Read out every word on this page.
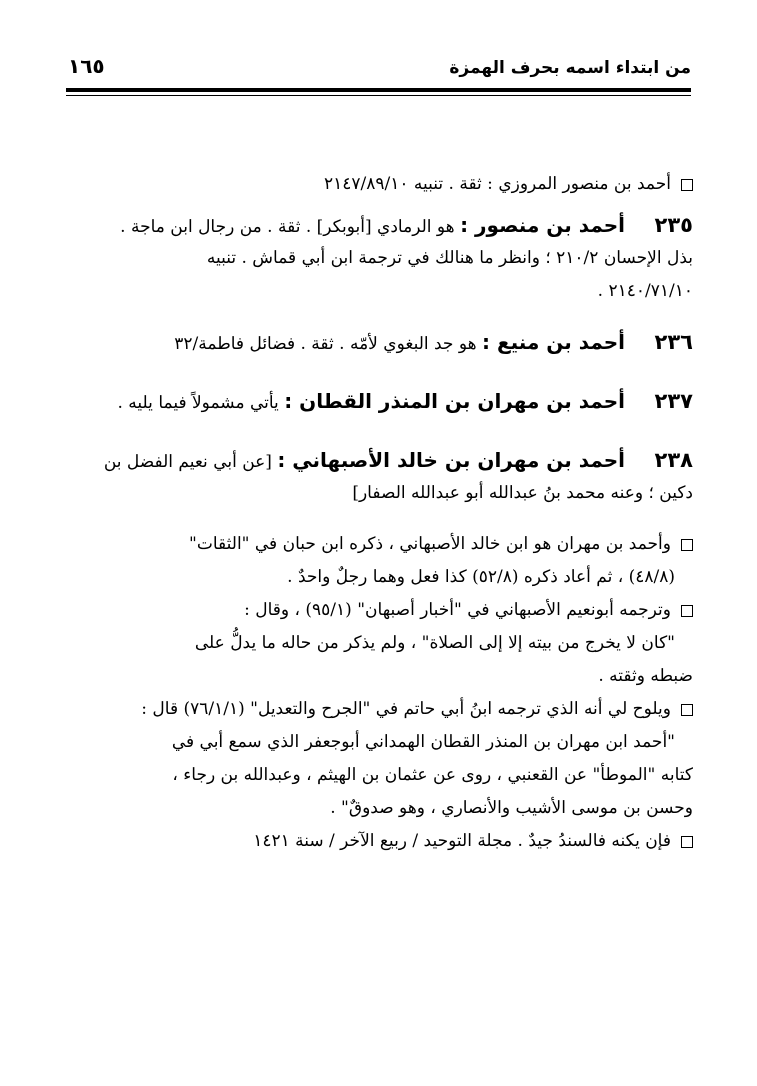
من ابتداء اسمه بحرف الهمزة
١٦٥
أحمد بن منصور المروزي : ثقة . تنبيه ٢١٤٧/٨٩/١٠
٢٣٥أحمد بن منصور : هو الرمادي [أبوبكر] . ثقة . من رجال ابن ماجة .
بذل الإحسان ٢١٠/٢ ؛ وانظر ما هنالك في ترجمة ابن أبي قماش . تنبيه
٢١٤٠/٧١/١٠ .
٢٣٦أحمد بن منيع : هو جد البغوي لأمّه . ثقة . فضائل فاطمة/٣٢
٢٣٧أحمد بن مهران بن المنذر القطان : يأتي مشمولاً فيما يليه .
٢٣٨أحمد بن مهران بن خالد الأصبهاني : [عن أبي نعيم الفضل بن
دكين ؛ وعنه محمد بنُ عبدالله أبو عبدالله الصفار]
وأحمد بن مهران هو ابن خالد الأصبهاني ، ذكره ابن حبان في "الثقات"
(٤٨/٨) ، ثم أعاد ذكره (٥٢/٨) كذا فعل وهما رجلٌ واحدٌ .
وترجمه أبونعيم الأصبهاني في "أخبار أصبهان" (٩٥/١) ، وقال :
"كان لا يخرج من بيته إلا إلى الصلاة" ، ولم يذكر من حاله ما يدلُّ على
ضبطه وثقته .
ويلوح لي أنه الذي ترجمه ابنُ أبي حاتم في "الجرح والتعديل" (٧٦/١/١) قال :
"أحمد ابن مهران بن المنذر القطان الهمداني أبوجعفر الذي سمع أبي في
كتابه "الموطأ" عن القعنبي ، روى عن عثمان بن الهيثم ، وعبدالله بن رجاء ،
وحسن بن موسى الأشيب والأنصاري ، وهو صدوقٌ" .
فإن يكنه فالسندُ جيدٌ . مجلة التوحيد / ربيع الآخر / سنة ١٤٢١
